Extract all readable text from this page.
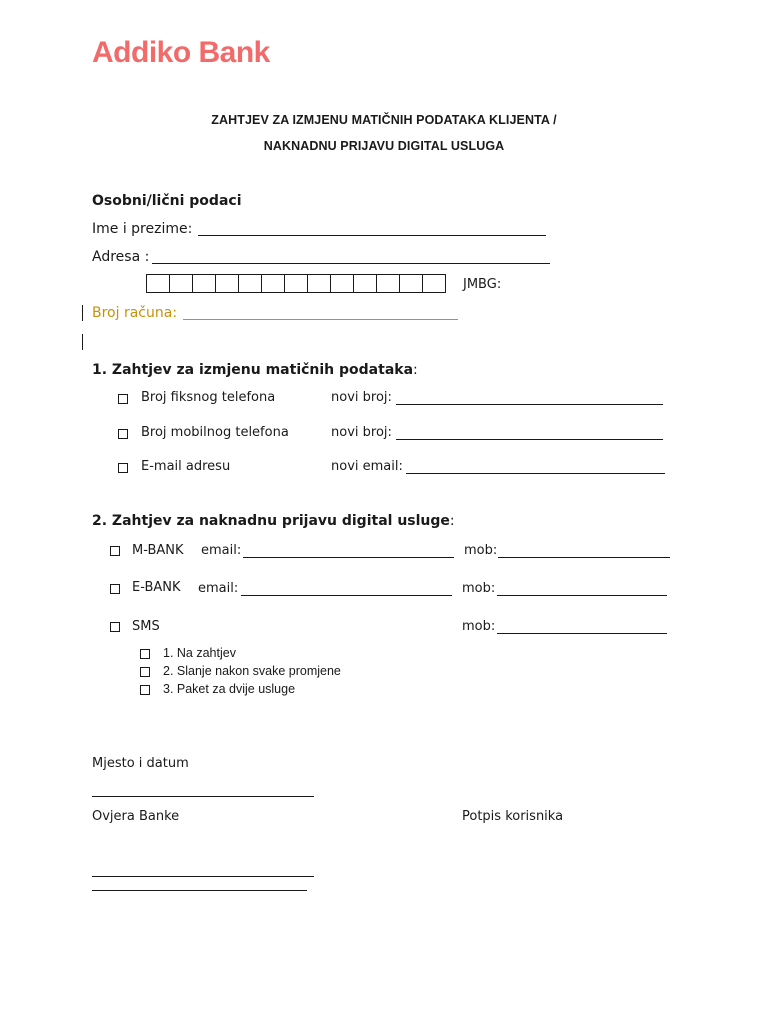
Addiko Bank
ZAHTJEV ZA IZMJENU MATIČNIH PODATAKA KLIJENTA /
NAKNADNU PRIJAVU DIGITAL USLUGA
Osobni/lični podaci
Ime i prezime:
Adresa :
JMBG:
Broj računa:
1. Zahtjev za izmjenu matičnih podataka:
Broj fiksnog telefona	novi broj:
Broj mobilnog telefona	novi broj:
E-mail adresu	novi email:
2. Zahtjev za naknadnu prijavu digital usluge:
M-BANK email:	mob:
E-BANK email:	mob:
SMS	mob:
1. Na zahtjev
2. Slanje nakon svake promjene
3. Paket za dvije usluge
Mjesto i datum
Ovjera Banke	Potpis korisnika
